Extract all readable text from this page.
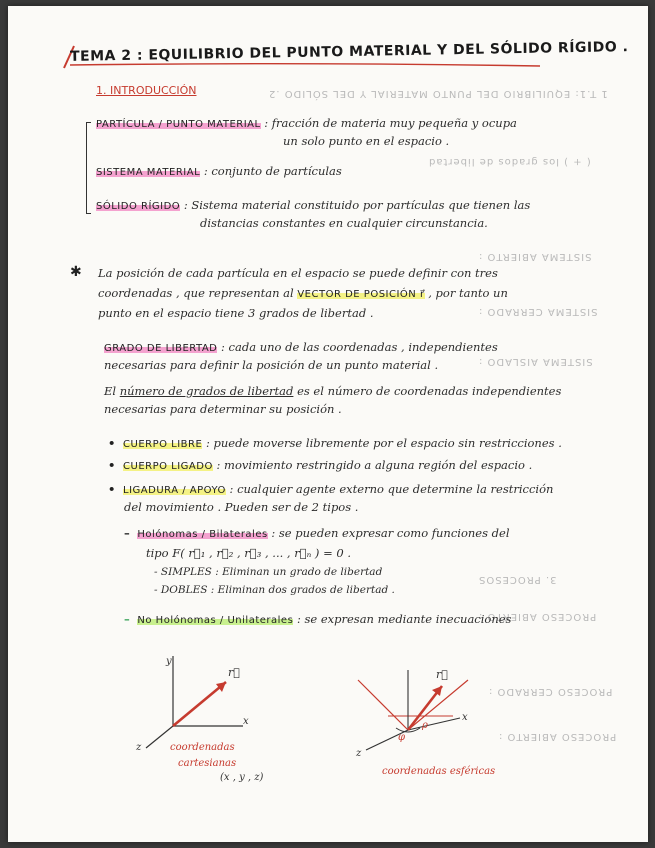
1 T.1: EQUILIBRIO DEL PUNTO MATERIAL Y DEL SÓLIDO .2
( + ) los grados de libertad
SISTEMA ABIERTO :
SISTEMA CERRADO :
SISTEMA AISLADO :
3. PROCESOS
PROCESO ABIERTO :
PROCESO CERRADO :
PROCESO ABIERTO :
TEMA 2 : EQUILIBRIO DEL PUNTO MATERIAL Y DEL SÓLIDO RÍGIDO .
1. INTRODUCCIÓN
PARTÍCULA / PUNTO MATERIAL : fracción de materia muy pequeña y ocupa
un solo punto en el espacio .
SISTEMA MATERIAL : conjunto de partículas
SÓLIDO RÍGIDO : Sistema material constituido por partículas que tienen las
distancias constantes en cualquier circunstancia.
✱ La posición de cada partícula en el espacio se puede definir con tres
coordenadas , que representan al VECTOR DE POSICIÓN r⃗ , por tanto un
punto en el espacio tiene 3 grados de libertad .
GRADO DE LIBERTAD : cada uno de las coordenadas , independientes
necesarias para definir la posición de un punto material .
El número de grados de libertad es el número de coordenadas independientes
necesarias para determinar su posición .
• CUERPO LIBRE : puede moverse libremente por el espacio sin restricciones .
• CUERPO LIGADO : movimiento restringido a alguna región del espacio .
• LIGADURA / APOYO : cualquier agente externo que determine la restricción
del movimiento . Pueden ser de 2 tipos .
– Holónomas / Bilaterales : se pueden expresar como funciones del
tipo F( r⃗₁ , r⃗₂ , r⃗₃ , ... , r⃗ₙ ) = 0 .
- SIMPLES : Eliminan un grado de libertad
- DOBLES : Eliminan dos grados de libertad .
– No Holónomas / Unilaterales : se expresan mediante inecuaciones
y
x
z
r⃗
coordenadas
cartesianas
(x , y , z)
r⃗
x
z
φ
ρ
coordenadas esféricas
